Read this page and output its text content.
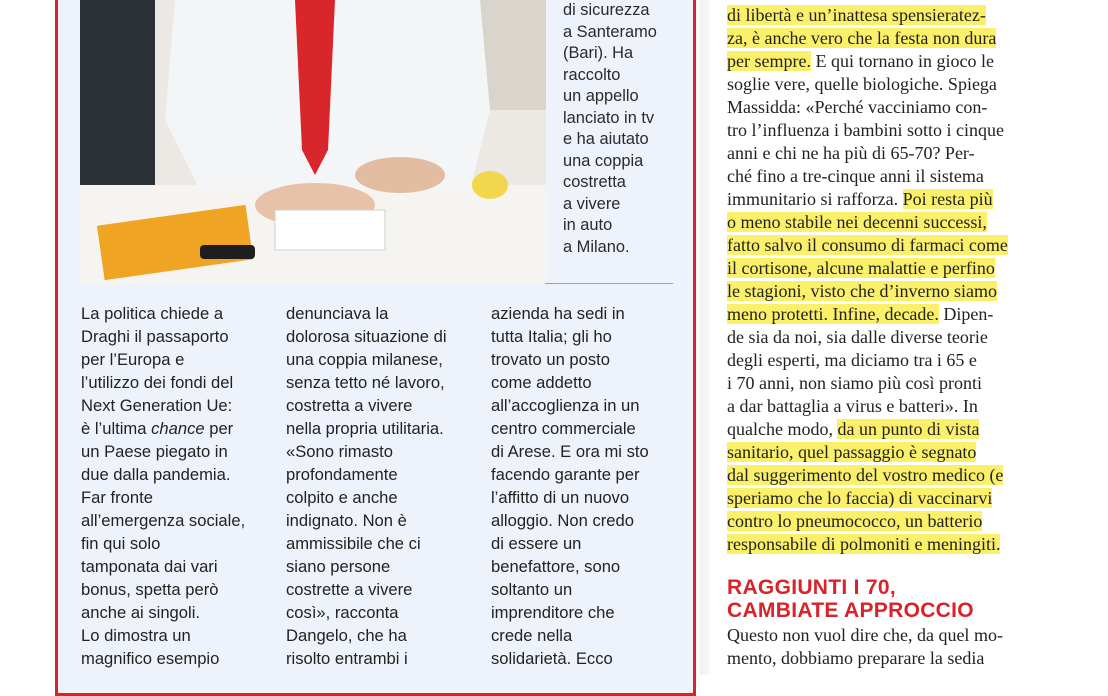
di sicurezza
a Santeramo
(Bari). Ha
raccolto
un appello
lanciato in tv
e ha aiutato
una coppia
costretta
a vivere
in auto
a Milano.
La politica chiede a
Draghi il passaporto
per l’Europa e
l’utilizzo dei fondi del
Next Generation Ue:
è l’ultima chance per
un Paese piegato in
due dalla pandemia.
Far fronte
all’emergenza sociale,
fin qui solo
tamponata dai vari
bonus, spetta però
anche ai singoli.
Lo dimostra un
magnifico esempio
denunciava la
dolorosa situazione di
una coppia milanese,
senza tetto né lavoro,
costretta a vivere
nella propria utilitaria.
«Sono rimasto
profondamente
colpito e anche
indignato. Non è
ammissibile che ci
siano persone
costrette a vivere
così», racconta
Dangelo, che ha
risolto entrambi i
azienda ha sedi in
tutta Italia; gli ho
trovato un posto
come addetto
all’accoglienza in un
centro commerciale
di Arese. E ora mi sto
facendo garante per
l’affitto di un nuovo
alloggio. Non credo
di essere un
benefattore, sono
soltanto un
imprenditore che
crede nella
solidarietà. Ecco
di libertà e un’inattesa spensieratez-
za, è anche vero che la festa non dura
per sempre. E qui tornano in gioco le
soglie vere, quelle biologiche. Spiega
Massidda: «Perché vacciniamo con-
tro l’influenza i bambini sotto i cinque
anni e chi ne ha più di 65-70? Per-
ché fino a tre-cinque anni il sistema
immunitario si rafforza. Poi resta più
o meno stabile nei decenni successi,
fatto salvo il consumo di farmaci come
il cortisone, alcune malattie e perfino
le stagioni, visto che d’inverno siamo
meno protetti. Infine, decade. Dipen-
de sia da noi, sia dalle diverse teorie
degli esperti, ma diciamo tra i 65 e
i 70 anni, non siamo più così pronti
a dar battaglia a virus e batteri». In
qualche modo, da un punto di vista
sanitario, quel passaggio è segnato
dal suggerimento del vostro medico (e
speriamo che lo faccia) di vaccinarvi
contro lo pneumococco, un batterio
responsabile di polmoniti e meningiti.
RAGGIUNTI I 70,
CAMBIATE APPROCCIO
Questo non vuol dire che, da quel mo-
mento, dobbiamo preparare la sedia
